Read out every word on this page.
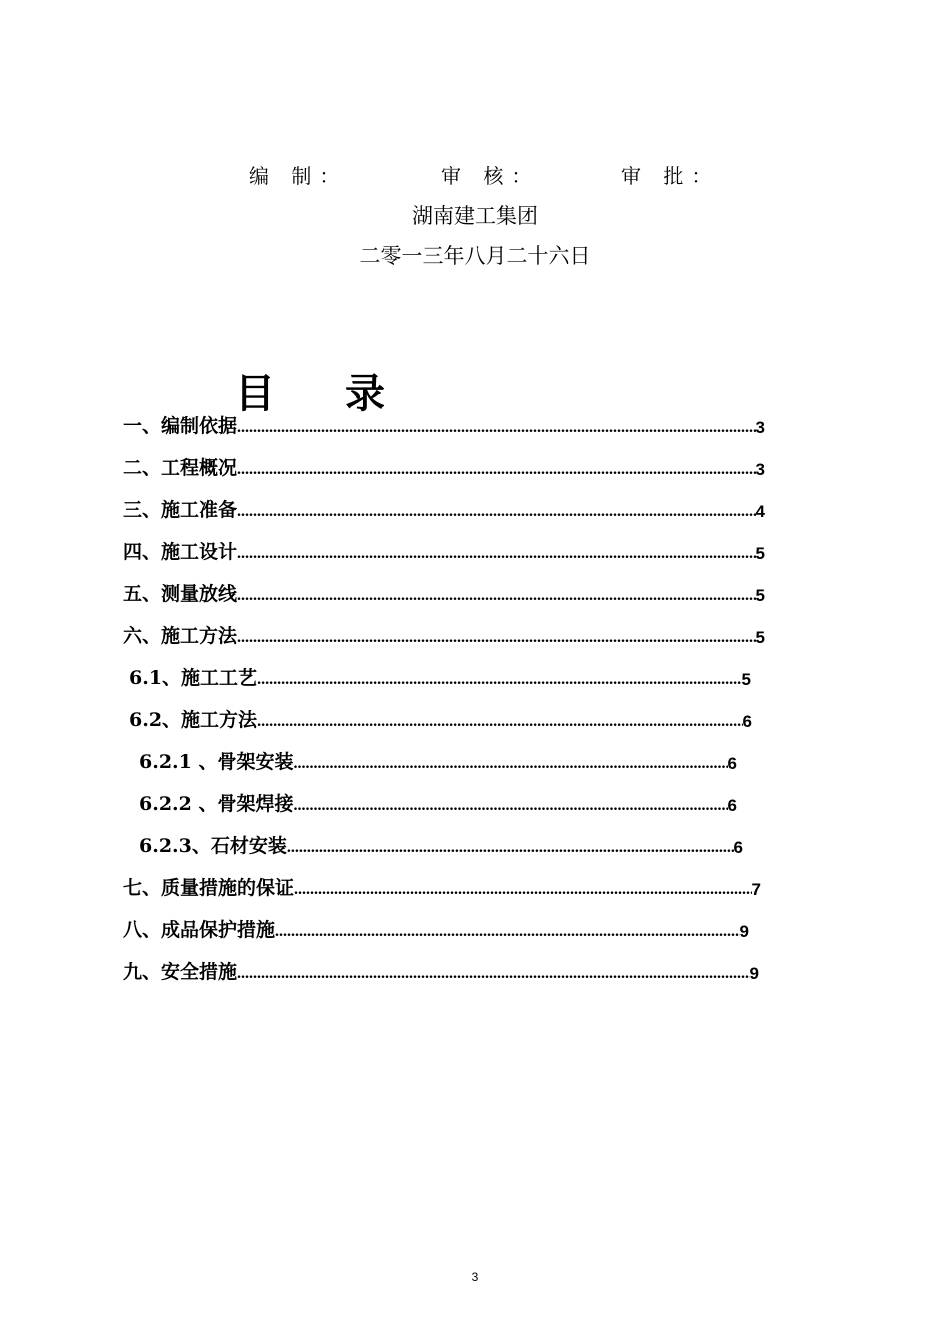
编 制：	审 核：	审 批：
湖南建工集团
二零一三年八月二十六日
目 录
一、编制依据 .....	3
二、工程概况 .....	3
三、施工准备 .....	4
四、施工设计 .....	5
五、测量放线 .....	5
六、施工方法 .....	5
6.1、施工工艺 .....	5
6.2、施工方法 .....	6
6.2.1 、骨架安装 .....	6
6.2.2 、骨架焊接 .....	6
6.2.3、石材安装 .....	6
七、质量措施的保证 .....	7
八、成品保护措施 .....	9
九、安全措施 .....	9
3
